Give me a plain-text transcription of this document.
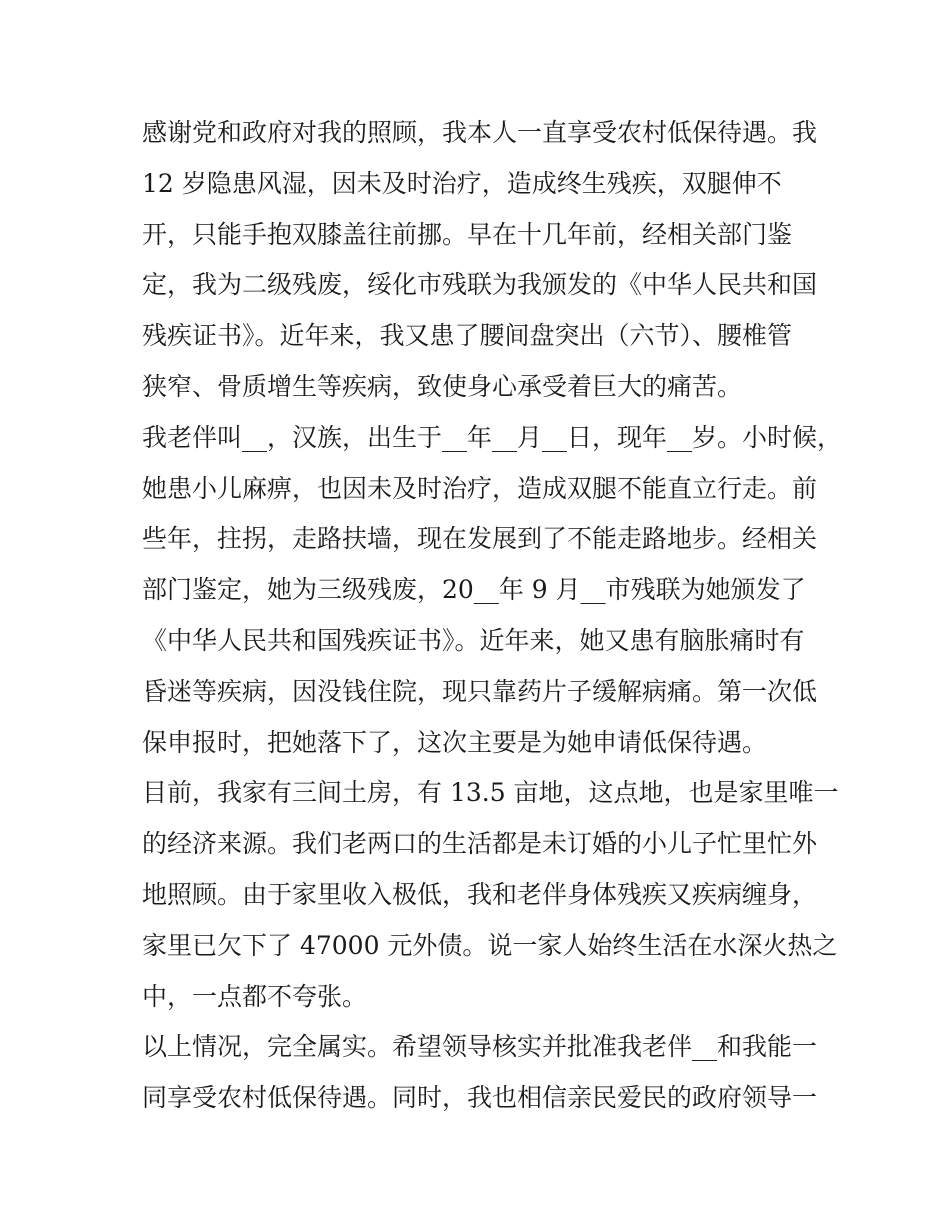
感谢党和政府对我的照顾，我本人一直享受农村低保待遇。我
12 岁隐患风湿，因未及时治疗，造成终生残疾，双腿伸不
开，只能手抱双膝盖往前挪。早在十几年前，经相关部门鉴
定，我为二级残废，绥化市残联为我颁发的《中华人民共和国
残疾证书》。近年来，我又患了腰间盘突出（六节）、腰椎管
狭窄、骨质增生等疾病，致使身心承受着巨大的痛苦。
我老伴叫__，汉族，出生于__年__月__日，现年__岁。小时候，
她患小儿麻痹，也因未及时治疗，造成双腿不能直立行走。前
些年，拄拐，走路扶墙，现在发展到了不能走路地步。经相关
部门鉴定，她为三级残废，20__年 9 月__市残联为她颁发了
《中华人民共和国残疾证书》。近年来，她又患有脑胀痛时有
昏迷等疾病，因没钱住院，现只靠药片子缓解病痛。第一次低
保申报时，把她落下了，这次主要是为她申请低保待遇。
目前，我家有三间土房，有 13.5 亩地，这点地，也是家里唯一
的经济来源。我们老两口的生活都是未订婚的小儿子忙里忙外
地照顾。由于家里收入极低，我和老伴身体残疾又疾病缠身，
家里已欠下了 47000 元外债。说一家人始终生活在水深火热之
中，一点都不夸张。
以上情况，完全属实。希望领导核实并批准我老伴__和我能一
同享受农村低保待遇。同时，我也相信亲民爱民的政府领导一
